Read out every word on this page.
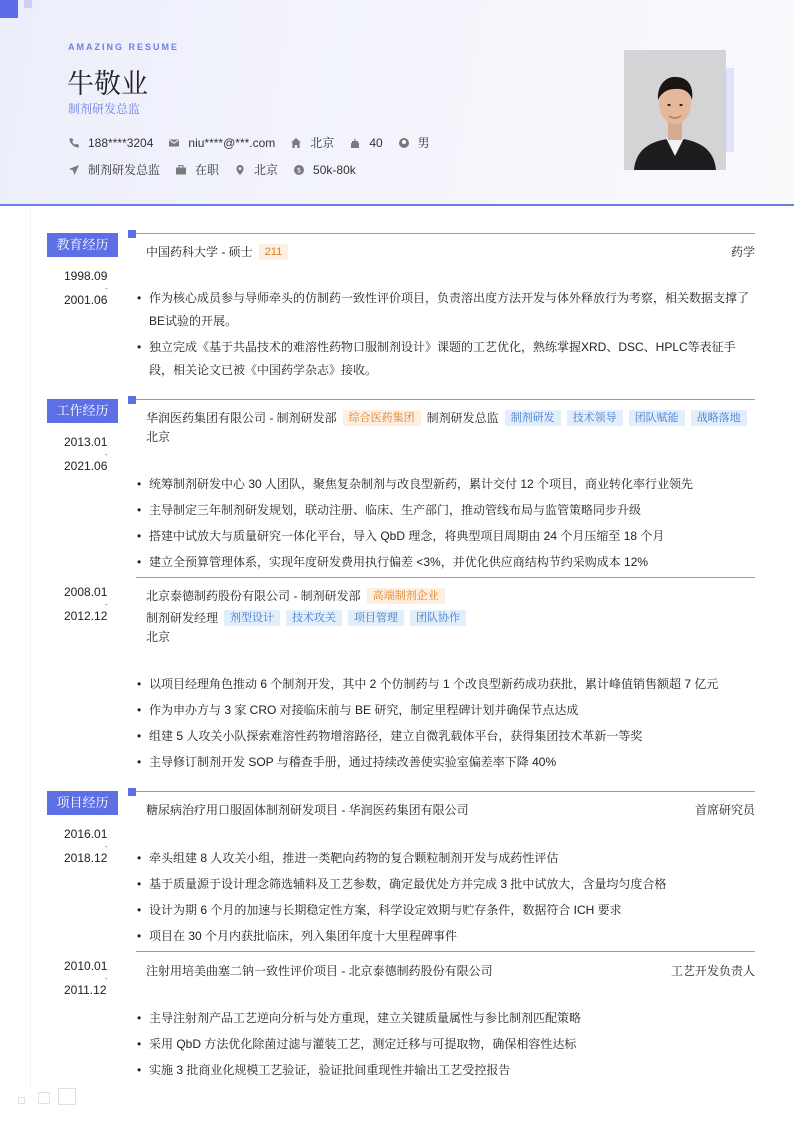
AMAZING RESUME
牛敬业
制剂研发总监
188****3204	niu****@***.com	北京	40	男
制剂研发总监	在职	北京	$ 50k-80k
教育经历
1998.09
-
2001.06
中国药科大学 - 硕士	211	药学
• 作为核心成员参与导师牵头的仿制药一致性评价项目，负责溶出度方法开发与体外释放行为考察，相关数据支撑了BE试验的开展。
• 独立完成《基于共晶技术的难溶性药物口服制剂设计》课题的工艺优化，熟练掌握XRD、DSC、HPLC等表征手段，相关论文已被《中国药学杂志》接收。
工作经历
2013.01
-
2021.06
华润医药集团有限公司 - 制剂研发部	综合医药集团	制剂研发总监	制剂研发	技术领导	团队赋能	战略落地
北京
• 统筹制剂研发中心 30 人团队，聚焦复杂制剂与改良型新药，累计交付 12 个项目，商业转化率行业领先
• 主导制定三年制剂研发规划，联动注册、临床、生产部门，推动管线布局与监管策略同步升级
• 搭建中试放大与质量研究一体化平台，导入 QbD 理念，将典型项目周期由 24 个月压缩至 18 个月
• 建立全预算管理体系，实现年度研发费用执行偏差 <3%，并优化供应商结构节约采购成本 12%
2008.01
-
2012.12
北京泰德制药股份有限公司 - 制剂研发部	高端制剂企业
制剂研发经理	剂型设计	技术攻关	项目管理	团队协作
北京
• 以项目经理角色推动 6 个制剂开发，其中 2 个仿制药与 1 个改良型新药成功获批，累计峰值销售额超 7 亿元
• 作为申办方与 3 家 CRO 对接临床前与 BE 研究，制定里程碑计划并确保节点达成
• 组建 5 人攻关小队探索难溶性药物增溶路径，建立自微乳载体平台，获得集团技术革新一等奖
• 主导修订制剂开发 SOP 与稽查手册，通过持续改善使实验室偏差率下降 40%
项目经历
2016.01
-
2018.12
糖尿病治疗用口服固体制剂研发项目 - 华润医药集团有限公司	首席研究员
• 牵头组建 8 人攻关小组，推进一类靶向药物的复合颗粒制剂开发与成药性评估
• 基于质量源于设计理念筛选辅料及工艺参数，确定最优处方并完成 3 批中试放大，含量均匀度合格
• 设计为期 6 个月的加速与长期稳定性方案，科学设定效期与贮存条件，数据符合 ICH 要求
• 项目在 30 个月内获批临床，列入集团年度十大里程碑事件
2010.01
-
2011.12
注射用培美曲塞二钠一致性评价项目 - 北京泰德制药股份有限公司	工艺开发负责人
• 主导注射剂产品工艺逆向分析与处方重现，建立关键质量属性与参比制剂匹配策略
• 采用 QbD 方法优化除菌过滤与灌装工艺，测定迁移与可提取物，确保相容性达标
• 实施 3 批商业化规模工艺验证，验证批间重现性并输出工艺受控报告
